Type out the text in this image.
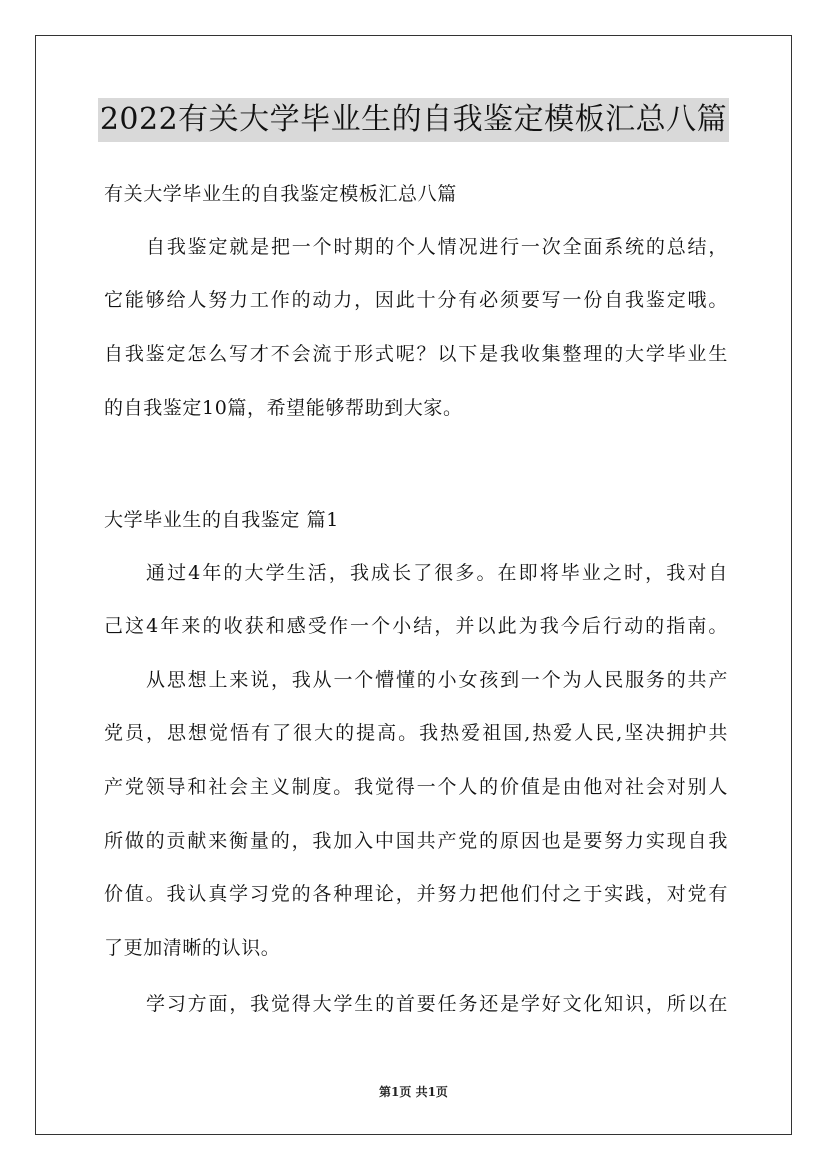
2022有关大学毕业生的自我鉴定模板汇总八篇
有关大学毕业生的自我鉴定模板汇总八篇
自我鉴定就是把一个时期的个人情况进行一次全面系统的总结，
它能够给人努力工作的动力，因此十分有必须要写一份自我鉴定哦。
自我鉴定怎么写才不会流于形式呢？以下是我收集整理的大学毕业生
的自我鉴定10篇，希望能够帮助到大家。
大学毕业生的自我鉴定 篇1
通过4年的大学生活，我成长了很多。在即将毕业之时，我对自
己这4年来的收获和感受作一个小结，并以此为我今后行动的指南。
从思想上来说，我从一个懵懂的小女孩到一个为人民服务的共产
党员，思想觉悟有了很大的提高。我热爱祖国,热爱人民,坚决拥护共
产党领导和社会主义制度。我觉得一个人的价值是由他对社会对别人
所做的贡献来衡量的，我加入中国共产党的原因也是要努力实现自我
价值。我认真学习党的各种理论，并努力把他们付之于实践，对党有
了更加清晰的认识。
学习方面，我觉得大学生的首要任务还是学好文化知识，所以在
第1页 共1页
